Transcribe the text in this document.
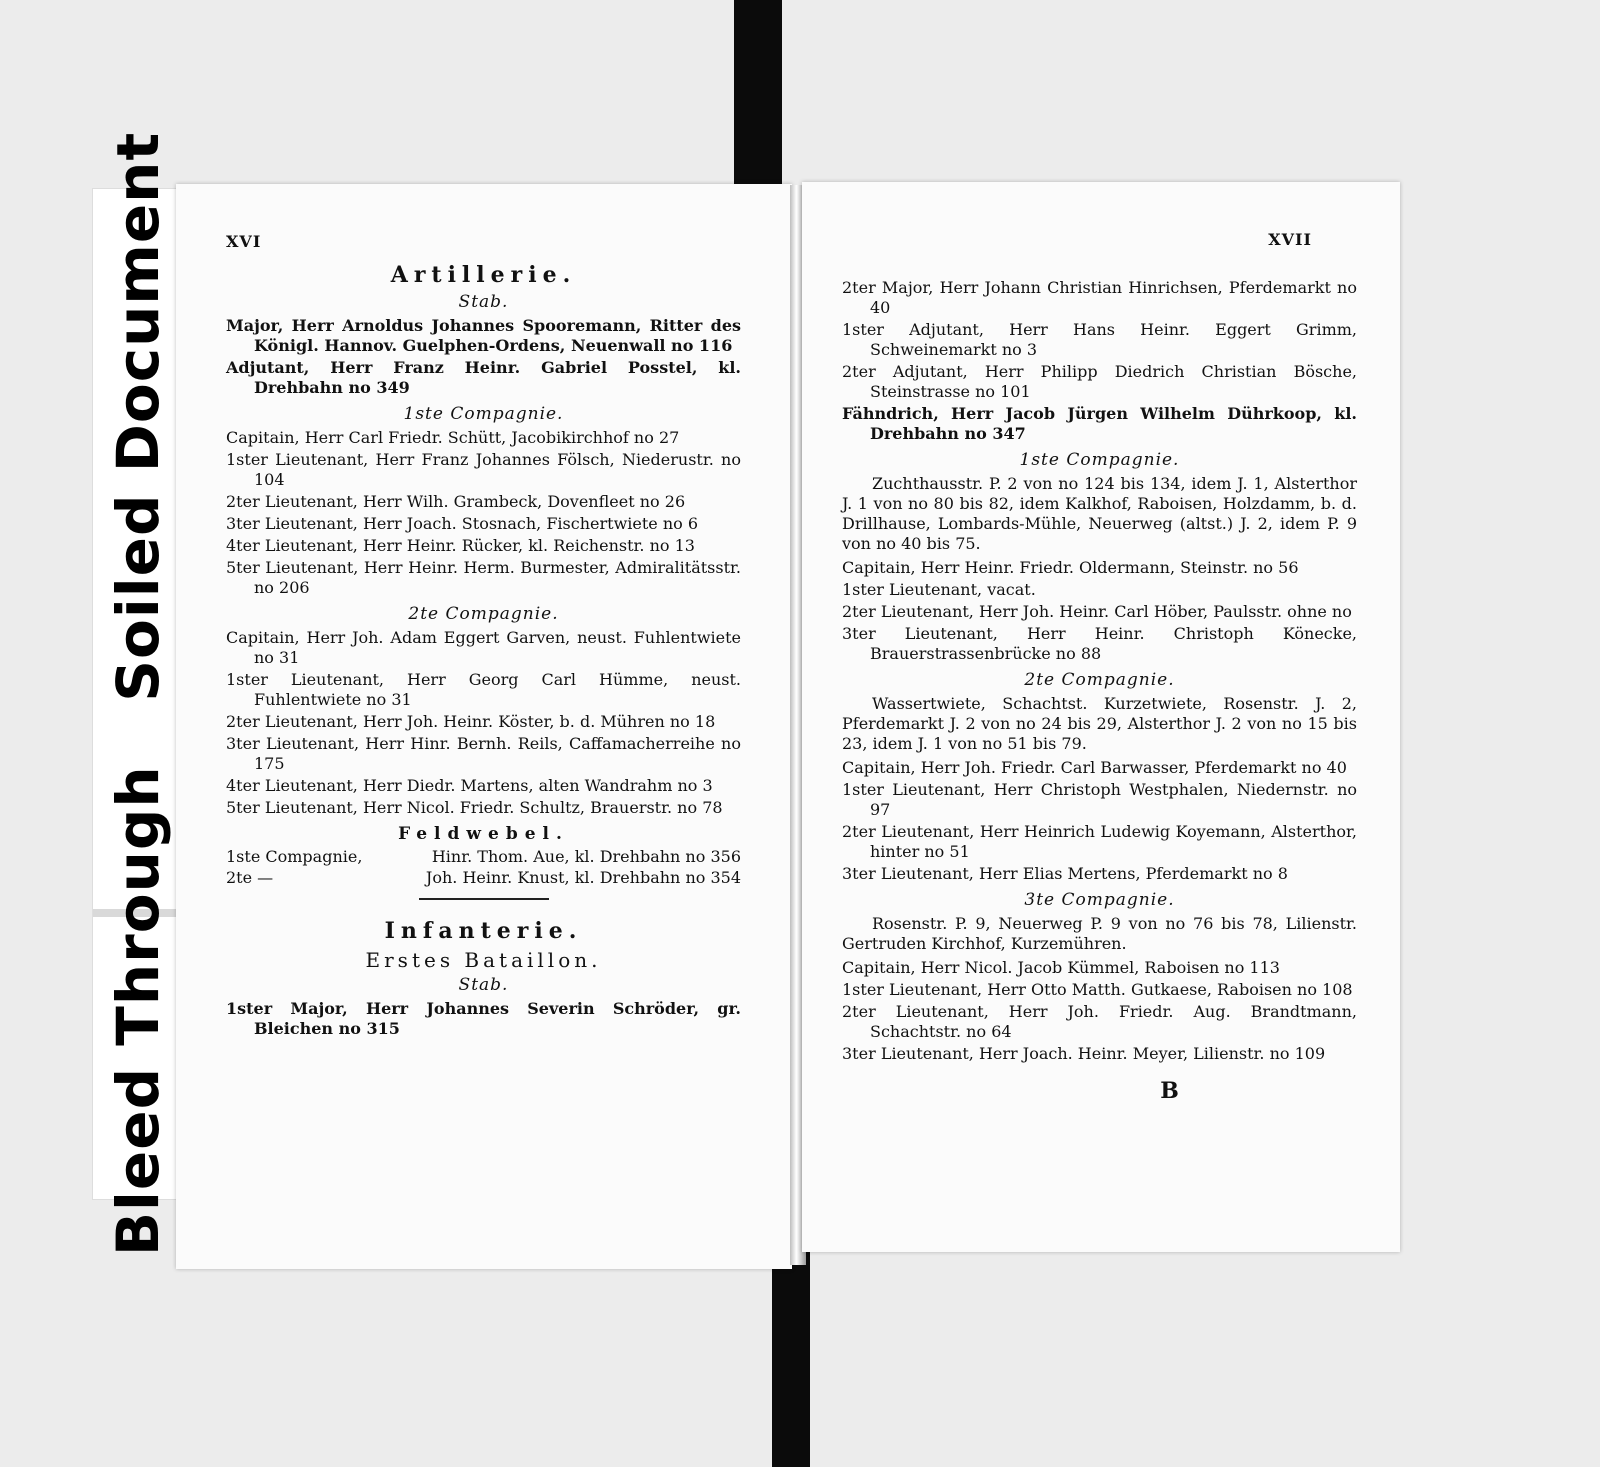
Bleed Through   Soiled Document	XVI
Artillerie.
Stab.
Major, Herr Arnoldus Johannes Spooremann, Ritter des Königl. Hannov. Guelphen-Ordens, Neuenwall no 116
Adjutant, Herr Franz Heinr. Gabriel Posstel, kl. Drehbahn no 349
1ste Compagnie.
Capitain, Herr Carl Friedr. Schütt, Jacobikirchhof no 27
1ster Lieutenant, Herr Franz Johannes Fölsch, Niederustr. no 104
2ter Lieutenant, Herr Wilh. Grambeck, Dovenfleet no 26
3ter Lieutenant, Herr Joach. Stosnach, Fischertwiete no 6
4ter Lieutenant, Herr Heinr. Rücker, kl. Reichenstr. no 13
5ter Lieutenant, Herr Heinr. Herm. Burmester, Admiralitätsstr. no 206
2te Compagnie.
Capitain, Herr Joh. Adam Eggert Garven, neust. Fuhlentwiete no 31
1ster Lieutenant, Herr Georg Carl Hümme, neust. Fuhlentwiete no 31
2ter Lieutenant, Herr Joh. Heinr. Köster, b. d. Mühren no 18
3ter Lieutenant, Herr Hinr. Bernh. Reils, Caffamacherreihe no 175
4ter Lieutenant, Herr Diedr. Martens, alten Wandrahm no 3
5ter Lieutenant, Herr Nicol. Friedr. Schultz, Brauerstr. no 78
Feldwebel.
1ste Compagnie,	Hinr. Thom. Aue, kl. Drehbahn no 356
2te —	Joh. Heinr. Knust, kl. Drehbahn no 354
Infanterie.
Erstes Bataillon.
Stab.
1ster Major, Herr Johannes Severin Schröder, gr. Bleichen no 315
XVII
2ter Major, Herr Johann Christian Hinrichsen, Pferdemarkt no 40
1ster Adjutant, Herr Hans Heinr. Eggert Grimm, Schweinemarkt no 3
2ter Adjutant, Herr Philipp Diedrich Christian Bösche, Steinstrasse no 101
Fähndrich, Herr Jacob Jürgen Wilhelm Dührkoop, kl. Drehbahn no 347
1ste Compagnie.
Zuchthausstr. P. 2 von no 124 bis 134, idem J. 1, Alsterthor J. 1 von no 80 bis 82, idem Kalkhof, Raboisen, Holzdamm, b. d. Drillhause, Lombards-Mühle, Neuerweg (altst.) J. 2, idem P. 9 von no 40 bis 75.
Capitain, Herr Heinr. Friedr. Oldermann, Steinstr. no 56
1ster Lieutenant, vacat.
2ter Lieutenant, Herr Joh. Heinr. Carl Höber, Paulsstr. ohne no
3ter Lieutenant, Herr Heinr. Christoph Könecke, Brauerstrassenbrücke no 88
2te Compagnie.
Wassertwiete, Schachtst. Kurzetwiete, Rosenstr. J. 2, Pferdemarkt J. 2 von no 24 bis 29, Alsterthor J. 2 von no 15 bis 23, idem J. 1 von no 51 bis 79.
Capitain, Herr Joh. Friedr. Carl Barwasser, Pferdemarkt no 40
1ster Lieutenant, Herr Christoph Westphalen, Niedernstr. no 97
2ter Lieutenant, Herr Heinrich Ludewig Koyemann, Alsterthor, hinter no 51
3ter Lieutenant, Herr Elias Mertens, Pferdemarkt no 8
3te Compagnie.
Rosenstr. P. 9, Neuerweg P. 9 von no 76 bis 78, Lilienstr. Gertruden Kirchhof, Kurzemühren.
Capitain, Herr Nicol. Jacob Kümmel, Raboisen no 113
1ster Lieutenant, Herr Otto Matth. Gutkaese, Raboisen no 108
2ter Lieutenant, Herr Joh. Friedr. Aug. Brandtmann, Schachtstr. no 64
3ter Lieutenant, Herr Joach. Heinr. Meyer, Lilienstr. no 109
B
